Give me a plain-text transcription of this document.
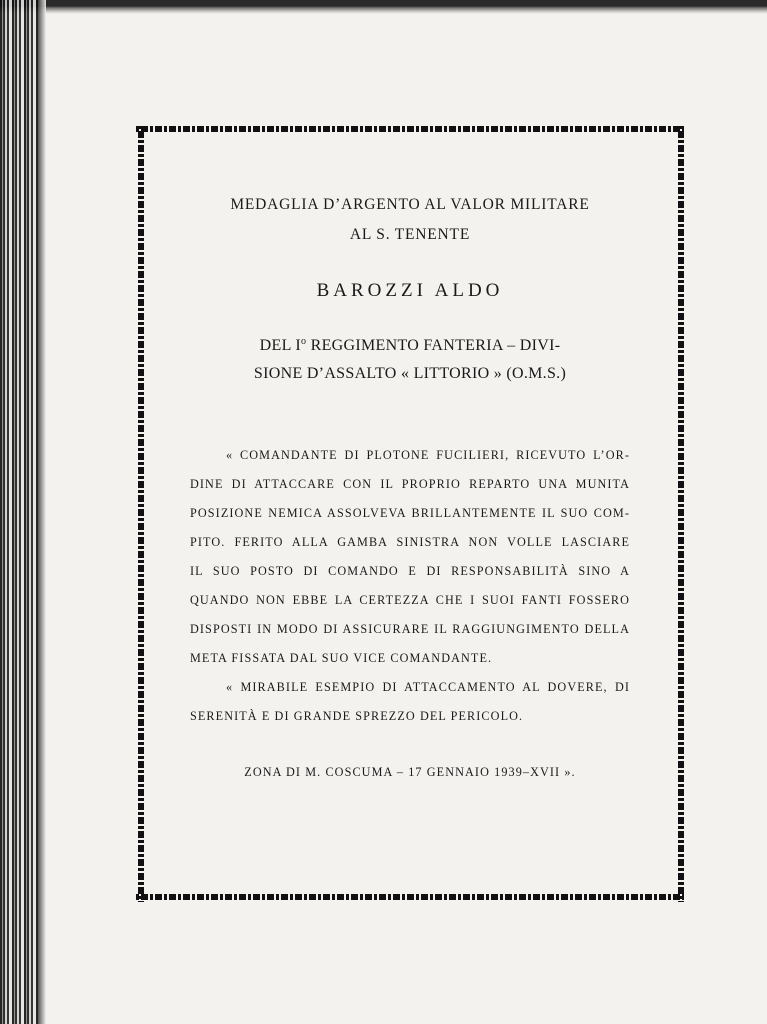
MEDAGLIA D’ARGENTO AL VALOR MILITARE

AL S. TENENTE

BAROZZI ALDO

DEL $I^o$ REGGIMENTO FANTERIA – DIVI-

SIONE D’ASSALTO « LITTORIO » (O.M.S.)

« COMANDANTE DI PLOTONE FUCILIERI, RICEVUTO L’OR-
DINE DI ATTACCARE CON IL PROPRIO REPARTO UNA MUNITA
POSIZIONE NEMICA ASSOLVEVA BRILLANTEMENTE IL SUO COM-
PITO. FERITO ALLA GAMBA SINISTRA NON VOLLE LASCIARE
IL SUO POSTO DI COMANDO E DI RESPONSABILITÀ SINO A
QUANDO NON EBBE LA CERTEZZA CHE I SUOI FANTI FOSSERO
DISPOSTI IN MODO DI ASSICURARE IL RAGGIUNGIMENTO DELLA
META FISSATA DAL SUO VICE COMANDANTE.

« MIRABILE ESEMPIO DI ATTACCAMENTO AL DOVERE, DI
SERENITÀ E DI GRANDE SPREZZO DEL PERICOLO.

ZONA DI M. COSCUMA – 17 GENNAIO 1939–XVII ».
